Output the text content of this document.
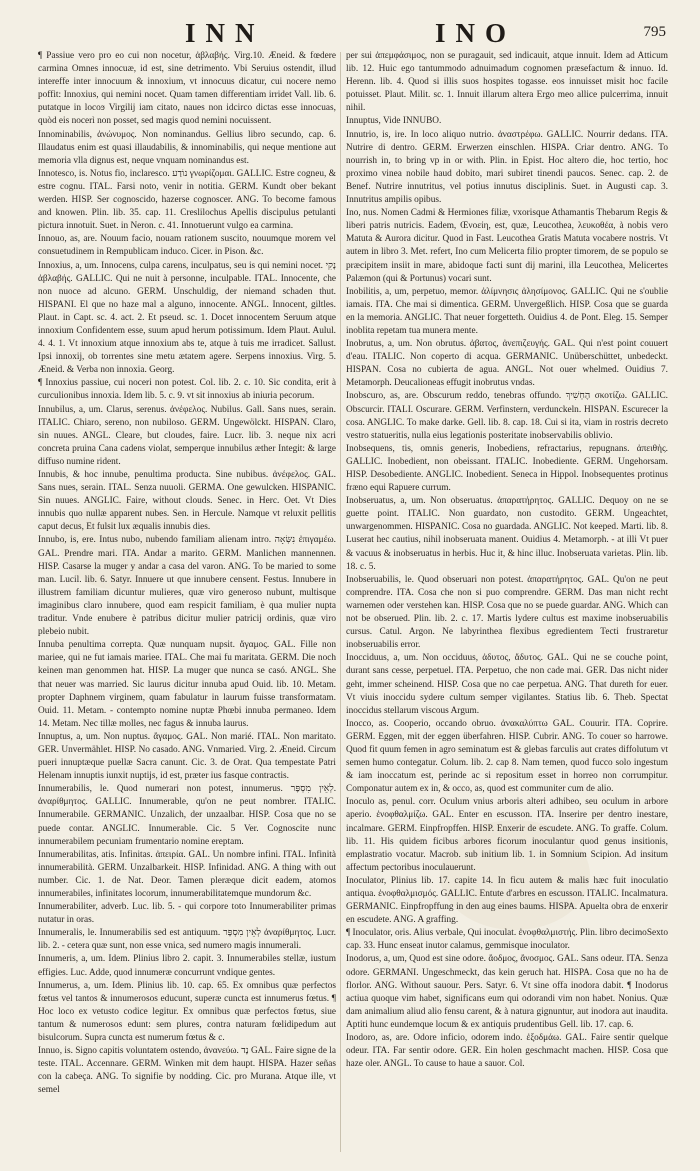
INN	INO	795

¶ Passiue vero pro eo cui non nocetur, ἀβλαβής. Virg.10. Æneid. & fœdere carmina Omnes innocuæ, id est, sine detrimento. Vbi Seruius ostendit, illud intereffe inter innocuum & innoxium, vt innocuus dicatur, cui nocere nemo poffit: Innoxius, qui nemini nocet. Quam tamen differentiam irridet Vall. lib. 6. putatque in locoϧ Virgilij iam citato, naues non idcirco dictas esse innocuas, quòd eis nocerì non posset, sed magis quod nemini nocuissent.

Innominabilis, ἀνώνυμος. Non nominandus. Gellius libro secundo, cap. 6. Illaudatus enim est quasi illaudabilis, & innominabilis, qui neque mentione aut memoria vlla dignus est, neque vnquam nominandus est.

Innotesco, is. Notus fio, inclaresco. נוֹדַע γνωρίζομαι. GALLIC. Estre cogneu, & estre cognu. ITAL. Farsi noto, venir in notitia. GERM. Kundt ober bekant werden. HISP. Ser cognoscido, hazerse cognoscer. ANG. To become famous and knowen. Plin. lib. 35. cap. 11. Creslilochus Apellis discipulus petulanti pictura innotuit. Suet. in Neron. c. 41. Innotuerunt vulgo ea carmina.

Innouo, as, are. Nouum facio, nouam rationem suscito, nouumque morem vel consuetudinem in Rempublicam induco. Cicer. in Pison. &c.

Innoxius, a, um. Innocens, culpa carens, inculpatus, seu is qui nemini nocet. נָקִי ἀβλαβής. GALLIC. Qui ne nuit à personne, inculpable. ITAL. Innocente, che non nuoce ad alcuno. GERM. Unschuldig, der niemand schaden thut. HISPANI. El que no haze mal a alguno, innocente. ANGL. Innocent, giltles. Plaut. in Capt. sc. 4. act. 2. Et pseud. sc. 1. Docet innocentem Seruum atque innoxium Confidentem esse, suum apud herum potissimum. Idem Plaut. Aulul. 4. 4. 1. Vt innoxium atque innoxium abs te, atque à tuis me irradicet. Sallust. Ipsi innoxij, ob torrentes sine metu ætatem agere. Serpens innoxius. Virg. 5. Æneid. & Verba non innoxia. Georg.

¶ Innoxius passiue, cui noceri non potest. Col. lib. 2. c. 10. Sic condita, erit à curculionibus innoxia. Idem lib. 5. c. 9. vt sit innoxius ab iniuria pecorum.

Innubilus, a, um. Clarus, serenus. ἀνέφελος. Nubilus. Gall. Sans nues, serain. ITALIC. Chiaro, sereno, non nubiloso. GERM. Ungewölckt. HISPAN. Claro, sin nuues. ANGL. Cleare, but cloudes, faire. Lucr. lib. 3. neque nix acri concreta pruina Cana cadens violat, semperque innubilus æther Integit: & large diffuso numine rident.

Innubis, & hoc innube, penultima producta. Sine nubibus. ἀνέφελος. GAL. Sans nues, serain. ITAL. Senza nuuoli. GERMA. One gewulcken. HISPANIC. Sin nuues. ANGLIC. Faire, without clouds. Senec. in Herc. Oet. Vt Dies innubis quo nullæ apparent nubes. Sen. in Hercule. Namque vt reluxit pellitis caput decus, Et fulsit lux æqualis innubis dies.

Innubo, is, ere. Intus nubo, nubendo familiam alienam intro. נִשְּׂאָה ἐπιγαμέω. GAL. Prendre mari. ITA. Andar a marito. GERM. Manlichen mannennen. HISP. Casarse la muger y andar a casa del varon. ANG. To be maried to some man. Lucil. lib. 6. Satyr. Innuere ut que innubere censent. Festus. Innubere in illustrem familiam dicuntur mulieres, quæ viro generoso nubunt, multisque imaginibus claro innubere, quod eam respicit familiam, è qua mulier nupta traditur. Vnde enubere è patribus dicitur mulier patricij ordinis, quæ viro plebeio nubit.

Innuba penultima correpta. Quæ nunquam nupsit. ἄγαμος. GAL. Fille non mariee, qui ne fut iamais mariee. ITAL. Che mai fu maritata. GERM. Die noch keinen man genommen hat. HISP. La muger que nunca se casó. ANGL. She that neuer was married. Sic laurus dicitur innuba apud Ouid. lib. 10. Metam. propter Daphnem virginem, quam fabulatur in laurum fuisse transformatam. Ouid. 11. Metam. - contempto nomine nuptæ Phœbi innuba permaneo. Idem 14. Metam. Nec tillæ molles, nec fagus & innuba laurus.

Innuptus, a, um. Non nuptus. ἄγαμος. GAL. Non marié. ITAL. Non maritato. GER. Unvermählet. HISP. No casado. ANG. Vnmaried. Virg. 2. Æneid. Circum pueri innuptæque puellæ Sacra canunt. Cic. 3. de Orat. Qua tempestate Patri Helenam innuptis iunxit nuptijs, id est, præter ius fasque contractis.

Innumerabilis, le. Quod numerari non potest, innumerus. לְאֵין מִסְפָּר. ἀναρίθμητος. GALLIC. Innumerable, qu'on ne peut nombrer. ITALIC. Innumerabile. GERMANIC. Unzalich, der unzaalbar. HISP. Cosa que no se puede contar. ANGLIC. Innumerable. Cic. 5 Ver. Cognoscite nunc innumerabilem pecuniam frumentario nomine ereptam.

Innumerabilitas, atis. Infinitas. ἀπειρία. GAL. Un nombre infini. ITAL. Infinità innumerabilità. GERM. Unzalbarkeit. HISP. Infinidad. ANG. A thing with out number. Cic. 1. de Nat. Deor. Tamen pleræque dicit eadem, atomos innumerabiles, infinitates locorum, innumerabilitatemque mundorum &c.

Innumerabiliter, adverb. Luc. lib. 5. - qui corpore toto Innumerabiliter primas nutatur in oras.

Innumeralis, le. Innumerabilis sed est antiquum. לְאֵין מִסְפָּר ἀναρίθμητος. Lucr. lib. 2. - cetera quæ sunt, non esse vnica, sed numero magis innumerali.

Innumeris, a, um. Idem. Plinius libro 2. capit. 3. Innumerabiles stellæ, iustum effigies. Luc. Adde, quod innumeræ concurrunt vndique gentes.

Innumerus, a, um. Idem. Plinius lib. 10. cap. 65. Ex omnibus quæ perfectos fœtus vel tantos & innumerosos educunt, superæ cuncta est innumerus fœtus. ¶ Hoc loco ex vetusto codice legitur. Ex omnibus quæ perfectos fœtus, siue tantum & numerosos edunt: sem plures, contra naturam fœlidipedum aut bisulcorum. Supra cuncta est numerum fœtus & c.

Innuo, is. Signo capitis voluntatem ostendo, ἀνανεύω. נָד GAL. Faire signe de la teste. ITAL. Accennare. GERM. Winken mit dem haupt. HISPA. Hazer señas con la cabeça. ANG. To signifie by nodding. Cic. pro Murana. Atque ille, vt semel

per sui ἀπεμφάσιμος, non se puragauit, sed indicauit, atque innuit. Idem ad Atticum lib. 12. Huic ego tantummodo adnuimadum cognomen præsefactum & innuo. Id. Herenn. lib. 4. Quod si illis suos hospites togasse. eos innuisset misit hoc facile potuisset. Plaut. Milit. sc. 1. Innuit illarum altera Ergo meo allice pulcerrima, innuit nihil.

Innuptus, Vide INNUBO.

Innutrio, is, ire. In loco aliquo nutrio. ἀναστρέφω. GALLIC. Nourrir dedans. ITA. Nutrire di dentro. GERM. Erwerzen einschlen. HISPA. Criar dentro. ANG. To nourrish in, to bring vp in or with. Plin. in Epist. Hoc altero die, hoc tertio, hoc proximo vinea nobile haud dobito, mari subiret tinendi paucos. Senec. cap. 2. de Benef. Nutrire innutritus, vel potius innutus disciplinis. Suet. in Augusti cap. 3. Innutritus ampilis opibus.

Ino, nus. Nomen Cadmi & Hermiones filiæ, vxorisque Athamantis Thebarum Regis & liberi patris nutricis. Eadem, Œνοείη, est, quæ, Leucothea, λευκοθέα, à nobis vero Matuta & Aurora dicitur. Quod in Fast. Leucothea Gratis Matuta vocabere nostris. Vt autem in libro 3. Met. refert, Ino cum Melicerta filio propter timorem, de se populo se præcipitem insiit in mare, abidoque facti sunt dij marini, illa Leucothea, Melicertes Palæmon (qui & Portunus) vocari sunt.

Inobilitis, a, um, perpetuo, memor. ἀλίμνησις ἀλησίμονος. GALLIC. Qui ne s'oublie iamais. ITA. Che mai si dimentica. GERM. Unvergeßlich. HISP. Cosa que se guarda en la memoria. ANGLIC. That neuer forgetteth. Ouidius 4. de Pont. Eleg. 15. Semper inoblita repetam tua munera mente.

Inobrutus, a, um. Non obrutus. ἀβατος, ἀνεπιζευγής. GAL. Qui n'est point couuert d'eau. ITALIC. Non coperto di acqua. GERMANIC. Unüberschüttet, unbedeckt. HISPAN. Cosa no cubierta de agua. ANGL. Not ouer whelmed. Ouidius 7. Metamorph. Deucalioneas effugit inobrutus vndas.

Inobscuro, as, are. Obscurum reddo, tenebras offundo. הֶחְשִׁיךְ σκοτίζω. GALLIC. Obscurcir. ITALI. Oscurare. GERM. Verfinstern, verdunckeln. HISPAN. Escurecer la cosa. ANGLIC. To make darke. Gell. lib. 8. cap. 18. Cui si ita, viam in rostris decreto vestro statueritis, nulla eius legationis posteritate inobservabilis oblivio.

Inobsequens, tis, omnis generis, Inobediens, refractarius, repugnans. ἀπειθὴς. GALLIC. Inobedient, non obeissant. ITALIC. Inobediente. GERM. Ungehorsam. HISP. Desobediente. ANGLIC. Inobedient. Seneca in Hippol. Inobsequentes protinus fræno equi Rapuere currum.

Inobseruatus, a, um. Non obseruatus. ἀπαρατήρητος. GALLIC. Dequoy on ne se guette point. ITALIC. Non guardato, non custodito. GERM. Ungeachtet, unwargenommen. HISPANIC. Cosa no guardada. ANGLIC. Not keeped. Marti. lib. 8. Luserat hec cautius, nihil inobseruata manent. Ouidius 4. Metamorph. - at illi Vt puer & vacuus & inobseruatus in herbis. Huc it, & hinc illuc. Inobseruata varietas. Plin. lib. 18. c. 5.

Inobseruabilis, le. Quod obseruari non potest. ἀπαρατήρητος. GAL. Qu'on ne peut comprendre. ITA. Cosa che non si puo comprendre. GERM. Das man nicht recht warnemen oder verstehen kan. HISP. Cosa que no se puede guardar. ANG. Which can not be obserued. Plin. lib. 2. c. 17. Martis lydere cultus est maxime inobseruabilis cursus. Catul. Argon. Ne labyrinthea flexibus egredientem Tecti frustraretur inobseruabilis error.

Inocciduus, a, um. Non occiduus, ἀδυτος, ἄδυτος. GAL. Qui ne se couche point, durant sans cesse, perpetuel. ITA. Perpetuo, che non cade mai. GER. Das nicht nider geht, immer scheinend. HISP. Cosa que no cae perpetua. ANG. That dureth for euer. Vt viuis inoccidu sydere cultum semper vigilantes. Statius lib. 6. Theb. Spectat inoccidus stellarum viscous Argum.

Inocco, as. Cooperio, occando obruo. ἀνακαλύπτω GAL. Couurir. ITA. Coprire. GERM. Eggen, mit der eggen überfahren. HISP. Cubrir. ANG. To couer so harrowe. Quod fit quum femen in agro seminatum est & glebas farculis aut crates diffolutum vt semen humo contegatur. Colum. lib. 2. cap 8. Nam temen, quod fucco solo ingestum & iam inoccatum est, perinde ac si repositum esset in horreo non corrumpitur. Componatur autem ex in, & occo, as, quod est communiter cum de alio.

Inoculo as, penul. corr. Oculum vnius arboris alteri adhibeo, seu oculum in arbore aperio. ἐνοφθαλμίζω. GAL. Enter en escusson. ITA. Inserire per dentro inestare, incalmare. GERM. Einpfropffen. HISP. Enxerir de escudete. ANG. To graffe. Colum. lib. 11. His quidem ficibus arbores ficorum inoculantur quod genus insitionis, emplastratio vocatur. Macrob. sub initium lib. 1. in Somnium Scipion. Ad insitum affectum pectoribus inoculauerunt.

Inoculator, Plinius lib. 17. capite 14. In ficu autem & malis hæc fuit inoculatio antiqua. ἐνοφθαλμισμός. GALLIC. Entute d'arbres en escusson. ITALIC. Incalmatura. GERMANIC. Einpfropffung in den aug eines baums. HISPA. Apuelta obra de enxerir en escudete. ANG. A graffing.

¶ Inoculator, oris. Alius verbale, Qui inoculat. ἐνοφθαλμιστής. Plin. libro decimoSexto cap. 33. Hunc enseat inutor calamus, gemmisque inoculator.

Inodorus, a, um, Quod est sine odore. ἄοδμος, ἄνοσμος. GAL. Sans odeur. ITA. Senza odore. GERMANI. Ungeschmeckt, das kein geruch hat. HISPA. Cosa que no ha de florlor. ANG. Without sauour. Pers. Satyr. 6. Vt sine offa inodora dabit. ¶ Inodorus actiua quoque vim habet, significans eum qui odorandi vim non habet. Nonius. Quæ dam animalium aliud alio fensu carent, & à natura gignuntur, aut inodora aut inaudita. Aptiti hunc eundemque locum & ex antiquis prudentibus Gell. lib. 17. cap. 6.

Inodoro, as, are. Odore inficio, odorem indo. ἐξοδμάω. GAL. Faire sentir quelque odeur. ITA. Far sentir odore. GER. Ein holen geschmacht machen. HISP. Cosa que haze oler. ANGL. To cause to haue a sauor. Col.
